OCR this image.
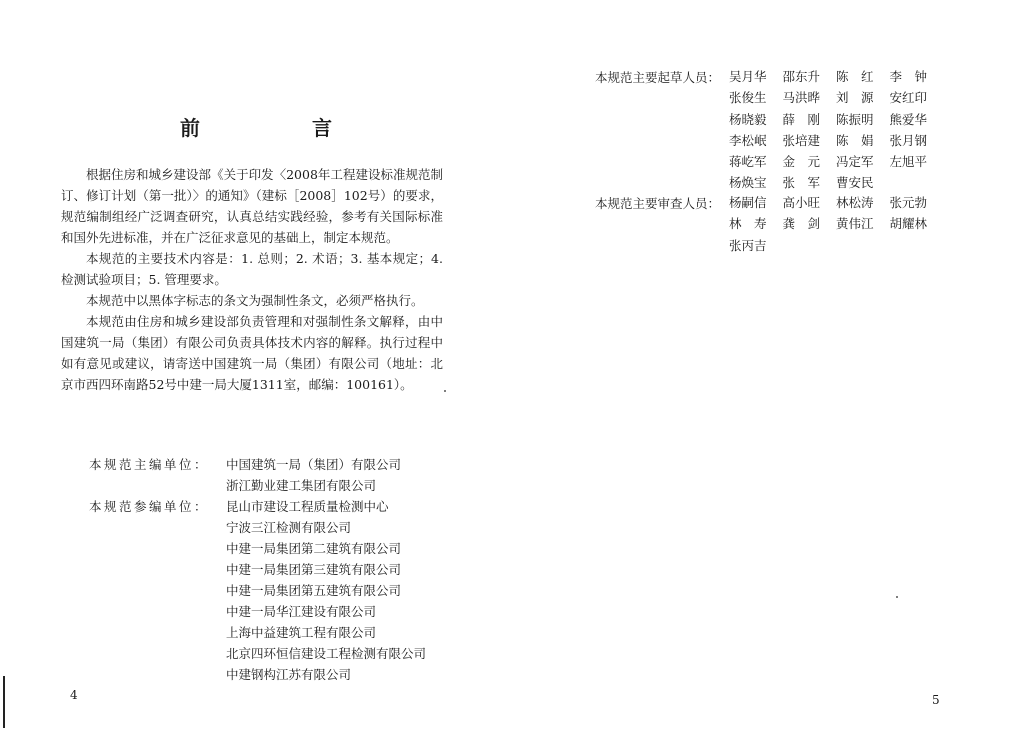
前　言

根据住房和城乡建设部《关于印发〈2008年工程建设标准规范制订、修订计划（第一批）〉的通知》（建标［2008］102号）的要求，规范编制组经广泛调查研究，认真总结实践经验，参考有关国际标准和国外先进标准，并在广泛征求意见的基础上，制定本规范。

本规范的主要技术内容是：1. 总则；2. 术语；3. 基本规定；4. 检测试验项目；5. 管理要求。

本规范中以黑体字标志的条文为强制性条文，必须严格执行。

本规范由住房和城乡建设部负责管理和对强制性条文解释，由中国建筑一局（集团）有限公司负责具体技术内容的解释。执行过程中如有意见或建议，请寄送中国建筑一局（集团）有限公司（地址：北京市西四环南路52号中建一局大厦1311室，邮编：100161）。

本规范主编单位：	中国建筑一局（集团）有限公司
浙江勤业建工集团有限公司
本规范参编单位：	昆山市建设工程质量检测中心
宁波三江检测有限公司
中建一局集团第二建筑有限公司
中建一局集团第三建筑有限公司
中建一局集团第五建筑有限公司
中建一局华江建设有限公司
上海中益建筑工程有限公司
北京四环恒信建设工程检测有限公司
中建钢构江苏有限公司
4
本规范主要起草人员： 吴月华 邵东升 陈　红 李　钟
张俊生 马洪晔 刘　源 安红印
杨晓毅 薛　刚 陈振明 熊爱华
李松岷 张培建 陈　娟 张月钢
蒋屹军 金　元 冯定军 左旭平
杨焕宝 张　军 曹安民
本规范主要审查人员： 杨嗣信 高小旺 林松涛 张元勃
林　寿 龚　剑 黄伟江 胡耀林
张丙吉
5
